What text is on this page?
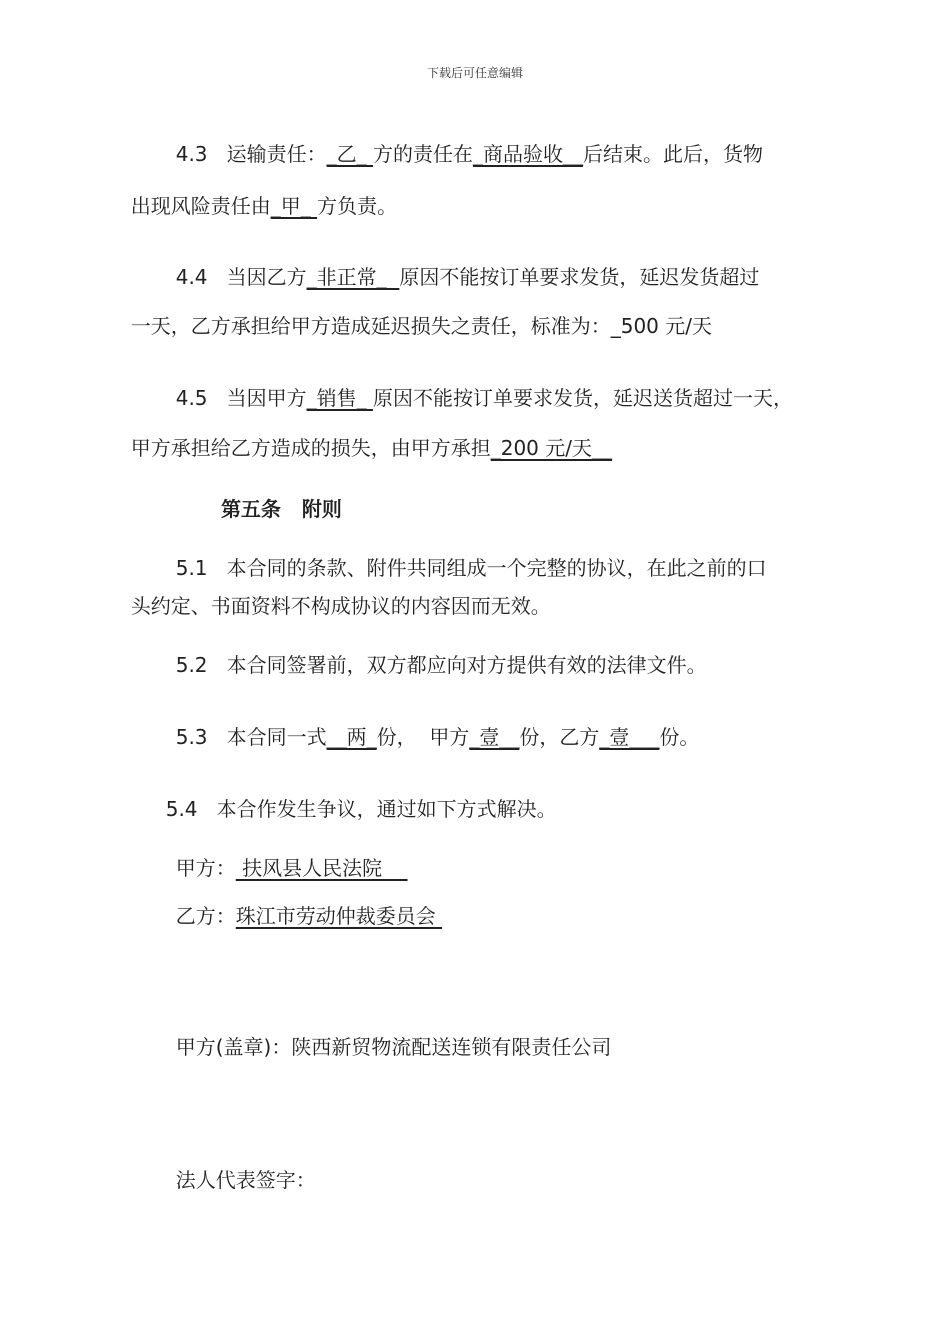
下载后可任意编辑

4.3 运输责任：_乙_ 方的责任在_商品验收__后结束。此后，货物

出现风险责任由_甲_ 方负责。

4.4 当因乙方_非正常_  原因不能按订单要求发货，延迟发货超过

一天，乙方承担给甲方造成延迟损失之责任，标准为：_500 元/天

4.5 当因甲方_销售_ 原因不能按订单要求发货，延迟送货超过一天，

甲方承担给乙方造成的损失，由甲方承担_200 元/天__

第五条 附则

5.1 本合同的条款、附件共同组成一个完整的协议，在此之前的口

头约定、书面资料不构成协议的内容因而无效。

5.2 本合同签署前，双方都应向对方提供有效的法律文件。

5.3 本合同一式__两_份，  甲方_壹__份，乙方_壹___份。

5.4 本合作发生争议，通过如下方式解决。

甲方： 扶风县人民法院

乙方：珠江市劳动仲裁委员会

甲方(盖章)：陕西新贸物流配送连锁有限责任公司

法人代表签字：
